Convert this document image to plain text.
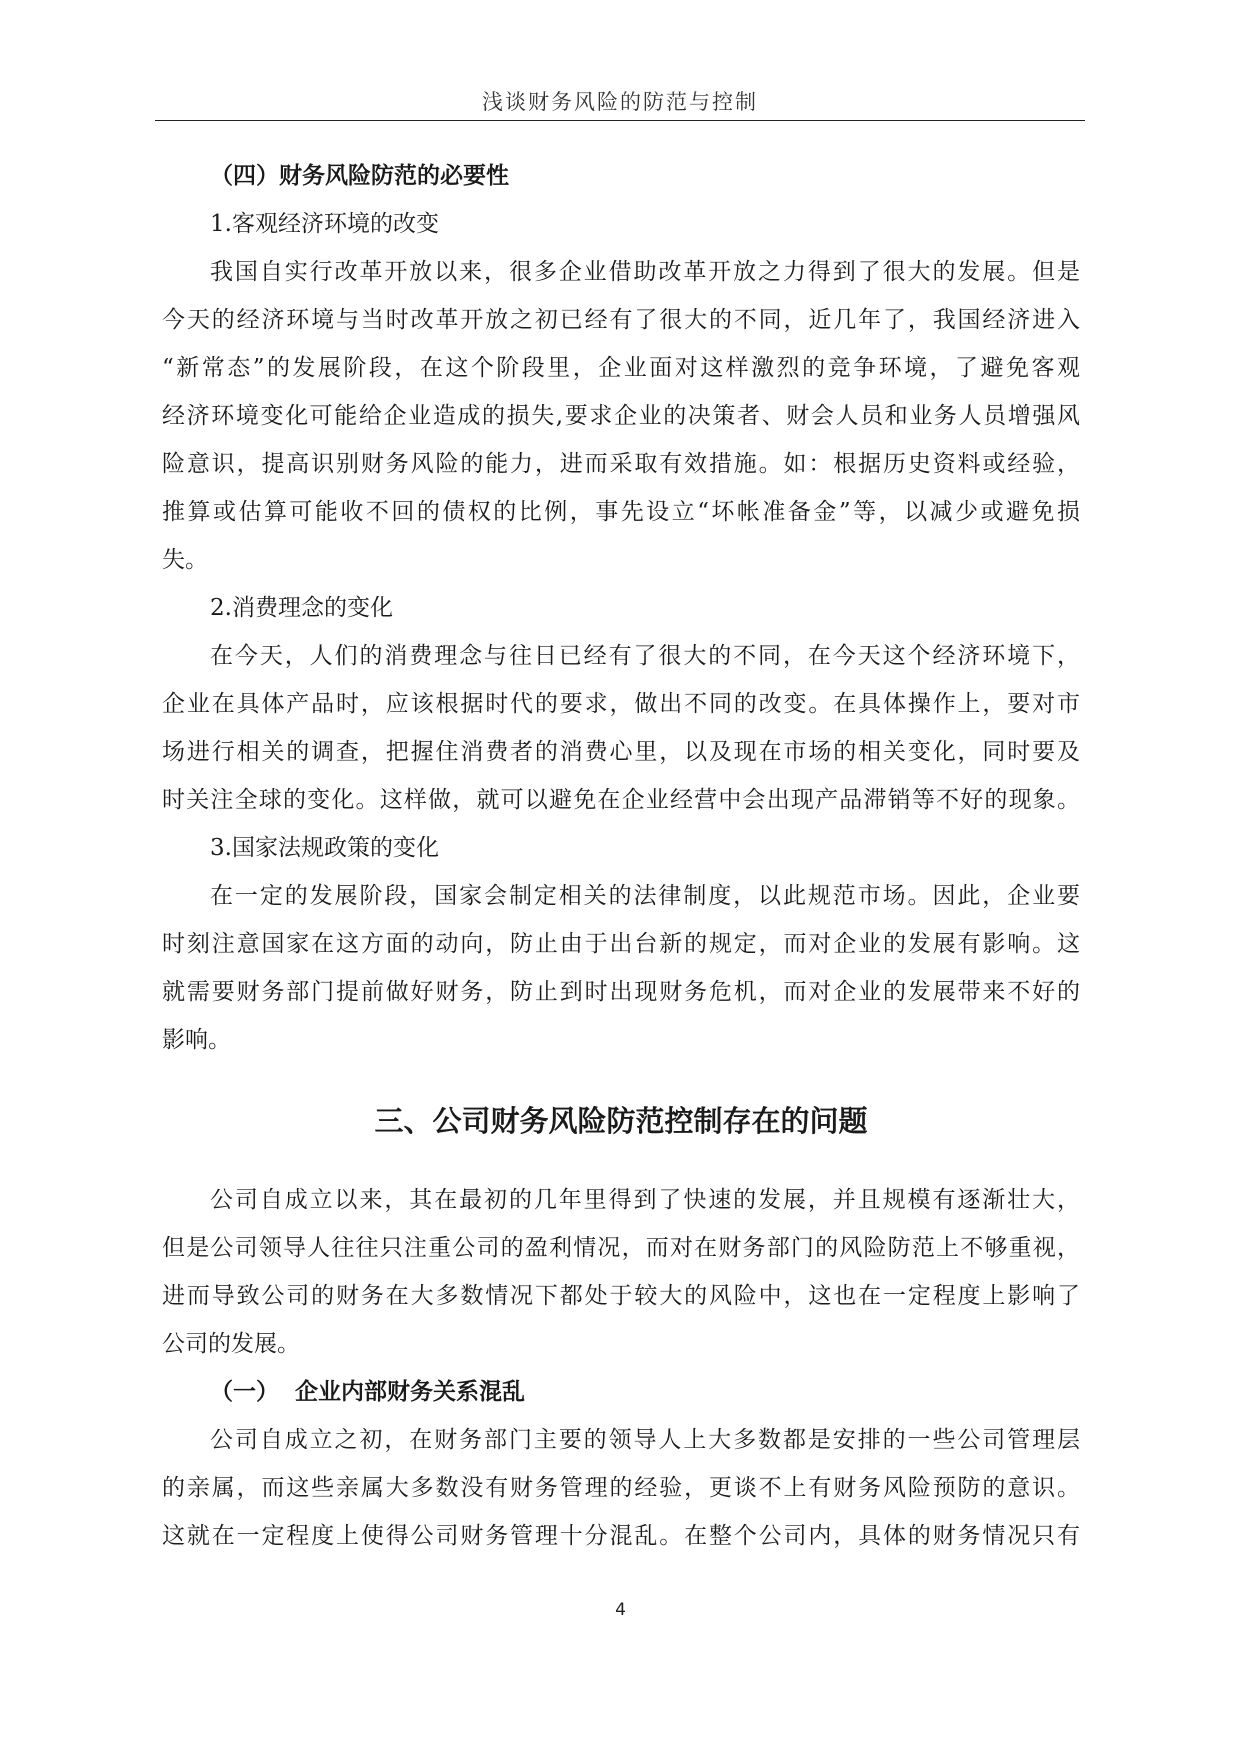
浅谈财务风险的防范与控制
（四）财务风险防范的必要性
1.客观经济环境的改变
我国自实行改革开放以来，很多企业借助改革开放之力得到了很大的发展。但是
今天的经济环境与当时改革开放之初已经有了很大的不同，近几年了，我国经济进入
“新常态”的发展阶段，在这个阶段里，企业面对这样激烈的竞争环境，了避免客观
经济环境变化可能给企业造成的损失,要求企业的决策者、财会人员和业务人员增强风
险意识，提高识别财务风险的能力，进而采取有效措施。如：根据历史资料或经验，
推算或估算可能收不回的债权的比例，事先设立“坏帐准备金”等，以减少或避免损
失。
2.消费理念的变化
在今天，人们的消费理念与往日已经有了很大的不同，在今天这个经济环境下，
企业在具体产品时，应该根据时代的要求，做出不同的改变。在具体操作上，要对市
场进行相关的调查，把握住消费者的消费心里，以及现在市场的相关变化，同时要及
时关注全球的变化。这样做，就可以避免在企业经营中会出现产品滞销等不好的现象。
3.国家法规政策的变化
在一定的发展阶段，国家会制定相关的法律制度，以此规范市场。因此，企业要
时刻注意国家在这方面的动向，防止由于出台新的规定，而对企业的发展有影响。这
就需要财务部门提前做好财务，防止到时出现财务危机，而对企业的发展带来不好的
影响。
三、公司财务风险防范控制存在的问题
公司自成立以来，其在最初的几年里得到了快速的发展，并且规模有逐渐壮大，
但是公司领导人往往只注重公司的盈利情况，而对在财务部门的风险防范上不够重视，
进而导致公司的财务在大多数情况下都处于较大的风险中，这也在一定程度上影响了
公司的发展。
（一）  企业内部财务关系混乱
公司自成立之初，在财务部门主要的领导人上大多数都是安排的一些公司管理层
的亲属，而这些亲属大多数没有财务管理的经验，更谈不上有财务风险预防的意识。
这就在一定程度上使得公司财务管理十分混乱。在整个公司内，具体的财务情况只有
4
